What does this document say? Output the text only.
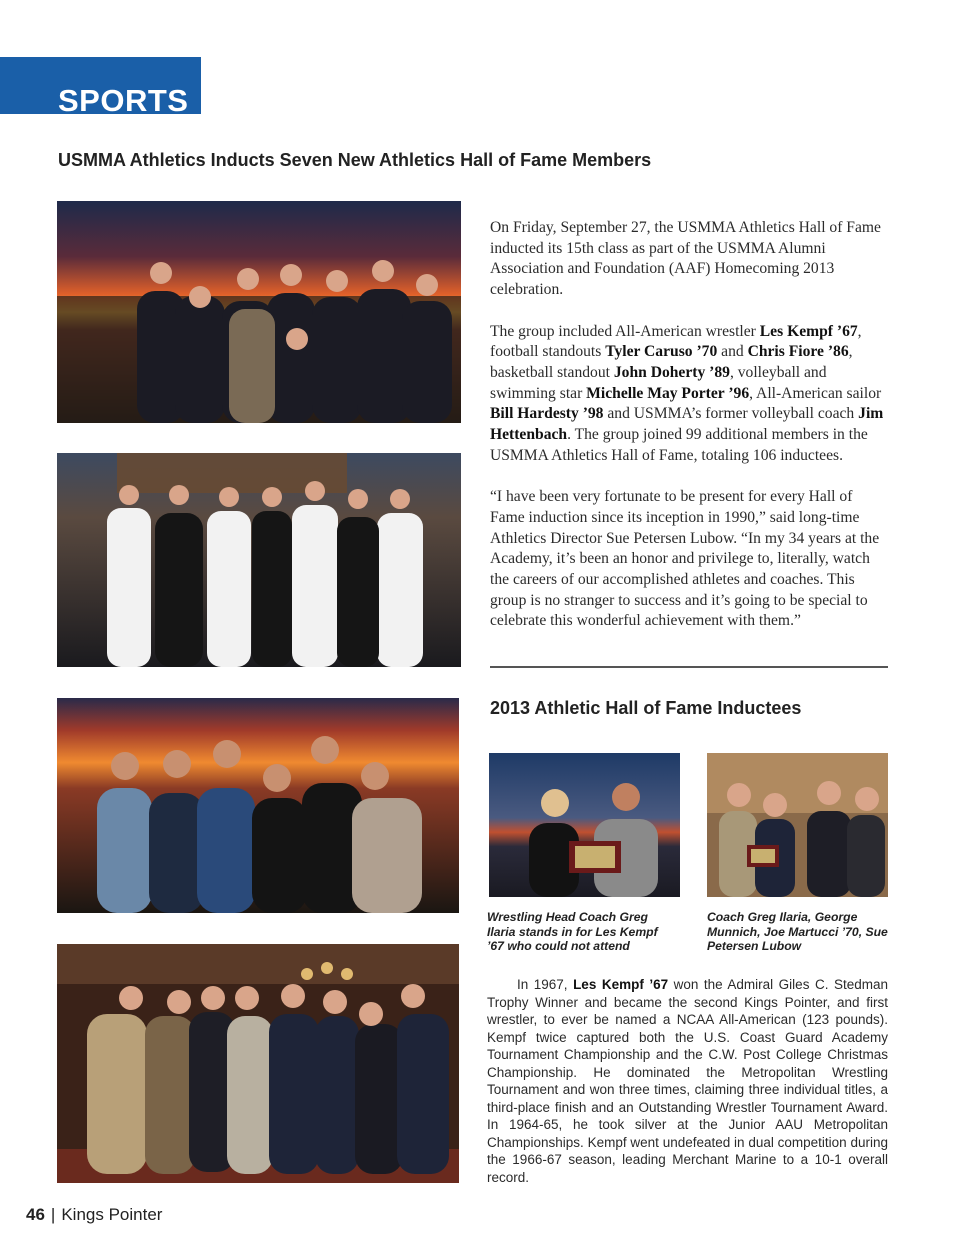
SPORTS
USMMA Athletics Inducts Seven New Athletics Hall of Fame Members

On Friday, September 27, the USMMA Athletics Hall of Fame inducted its 15th class as part of the USMMA Alumni Association and Foundation (AAF) Homecoming 2013 celebration.

The group included All-American wrestler Les Kempf ’67, football standouts Tyler Caruso ’70 and Chris Fiore ’86, basketball standout John Doherty ’89, volleyball and swimming star Michelle May Porter ’96, All-American sailor Bill Hardesty ’98 and USMMA’s former volleyball coach Jim Hettenbach. The group joined 99 additional members in the USMMA Athletics Hall of Fame, totaling 106 inductees.

“I have been very fortunate to be present for every Hall of Fame induction since its inception in 1990,” said long-time Athletics Director Sue Petersen Lubow. “In my 34 years at the Academy, it’s been an honor and privilege to, literally, watch the careers of our accomplished athletes and coaches. This group is no stranger to success and it’s going to be special to celebrate this wonderful achievement with them.”

2013 Athletic Hall of Fame Inductees
Wrestling Head Coach Greg Ilaria stands in for Les Kempf ’67 who could not attend
Coach Greg Ilaria, George Munnich, Joe Martucci ’70, Sue Petersen Lubow
In 1967, Les Kempf ’67 won the Admiral Giles C. Stedman Trophy Winner and became the second Kings Pointer, and first wrestler, to ever be named a NCAA All-American (123 pounds). Kempf twice captured both the U.S. Coast Guard Academy Tournament Championship and the C.W. Post College Christmas Championship. He dominated the Metropolitan Wrestling Tournament and won three times, claiming three individual titles, a third-place finish and an Outstanding Wrestler Tournament Award. In 1964-65, he took silver at the Junior AAU Metropolitan Championships. Kempf went undefeated in dual competition during the 1966-67 season, leading Merchant Marine to a 10-1 overall record.
46 | Kings Pointer
